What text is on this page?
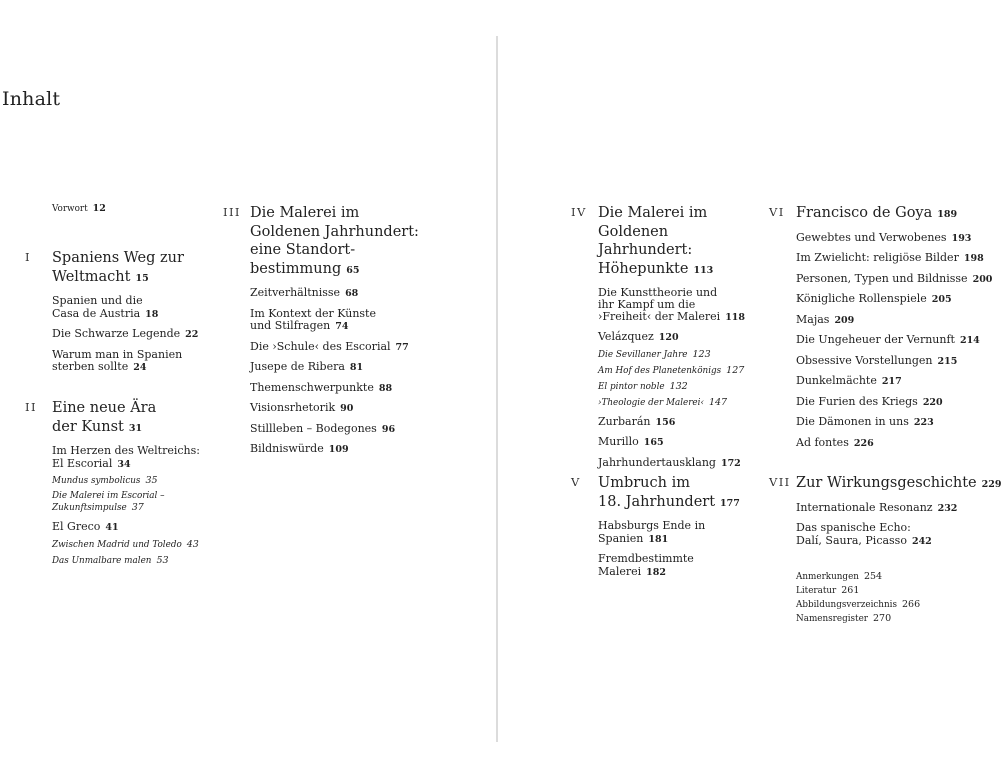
Inhalt
Vorwort 12
I Spaniens Weg zur
Weltmacht 15
Spanien und die
Casa de Austria 18
Die Schwarze Legende 22
Warum man in Spanien
sterben sollte 24
II Eine neue Ära
der Kunst 31
Im Herzen des Weltreichs:
El Escorial 34
Mundus symbolicus 35
Die Malerei im Escorial –
Zukunftsimpulse 37
El Greco 41
Zwischen Madrid und Toledo 43
Das Unmalbare malen 53
III Die Malerei im
Goldenen Jahrhundert:
eine Standort-
bestimmung 65
Zeitverhältnisse 68
Im Kontext der Künste
und Stilfragen 74
Die ›Schule‹ des Escorial 77
Jusepe de Ribera 81
Themenschwerpunkte 88
Visionsrhetorik 90
Stillleben – Bodegones 96
Bildniswürde 109
IV Die Malerei im
Goldenen Jahrhundert:
Höhepunkte 113
Die Kunsttheorie und
ihr Kampf um die
›Freiheit‹ der Malerei 118
Velázquez 120
Die Sevillaner Jahre 123
Am Hof des Planetenkönigs 127
El pintor noble 132
›Theologie der Malerei‹ 147
Zurbarán 156
Murillo 165
Jahrhundertausklang 172
V Umbruch im
18. Jahrhundert 177
Habsburgs Ende in
Spanien 181
Fremdbestimmte Malerei 182
VI Francisco de Goya 189
Gewebtes und Verwobenes 193
Im Zwielicht: religiöse Bilder 198
Personen, Typen und Bildnisse 200
Königliche Rollenspiele 205
Majas 209
Die Ungeheuer der Vernunft 214
Obsessive Vorstellungen 215
Dunkelmächte 217
Die Furien des Kriegs 220
Die Dämonen in uns 223
Ad fontes 226
VII Zur Wirkungsgeschichte 229
Internationale Resonanz 232
Das spanische Echo:
Dalí, Saura, Picasso 242
Anmerkungen 254
Literatur 261
Abbildungsverzeichnis 266
Namensregister 270
